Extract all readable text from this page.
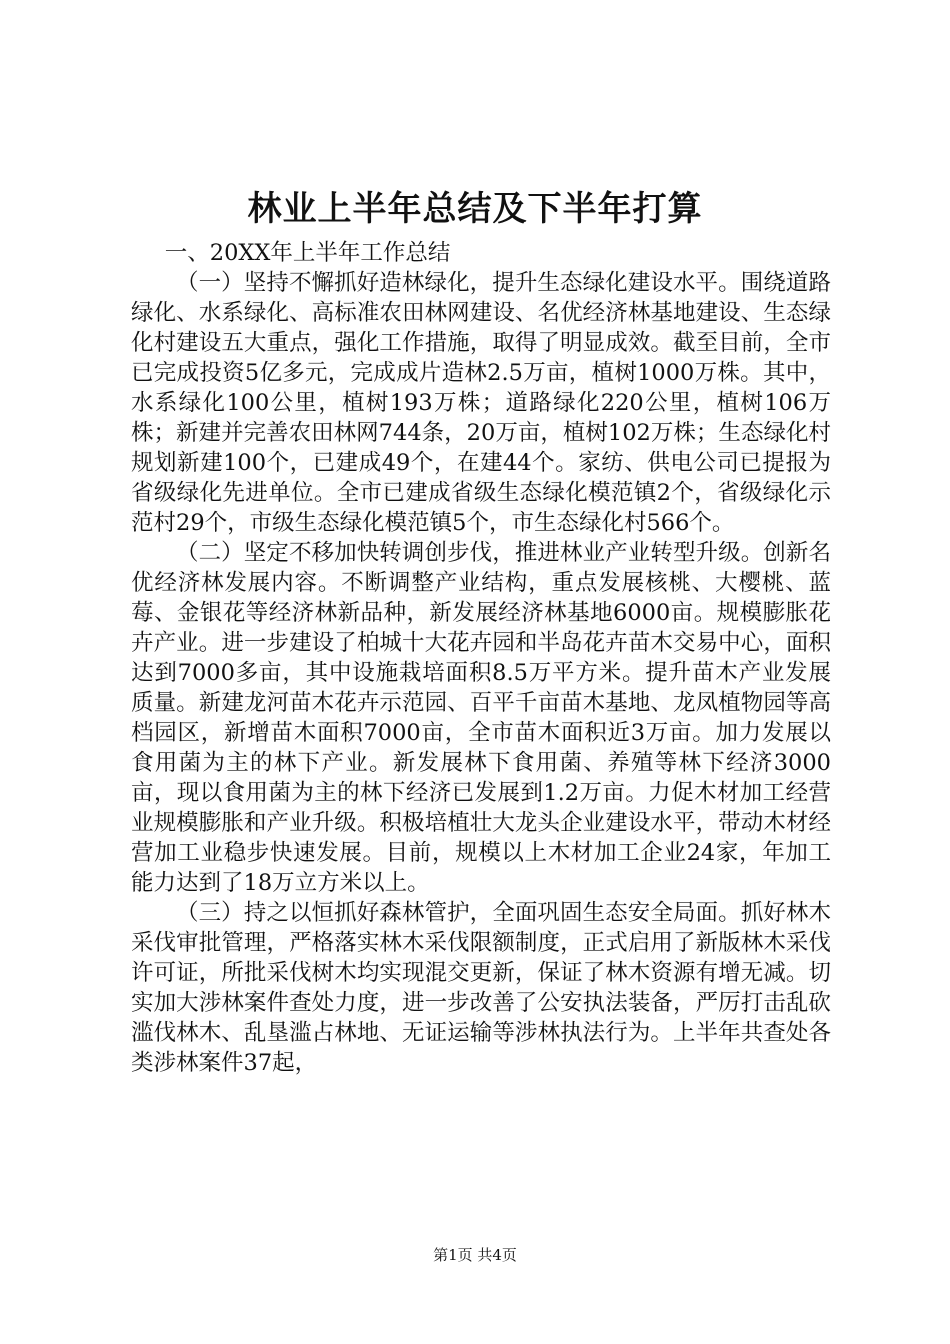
林业上半年总结及下半年打算

一、20XX年上半年工作总结

（一）坚持不懈抓好造林绿化，提升生态绿化建设水平。围绕道路绿化、水系绿化、高标准农田林网建设、名优经济林基地建设、生态绿化村建设五大重点，强化工作措施，取得了明显成效。截至目前，全市已完成投资5亿多元，完成成片造林2.5万亩，植树1000万株。其中，水系绿化100公里，植树193万株；道路绿化220公里，植树106万株；新建并完善农田林网744条，20万亩，植树102万株；生态绿化村规划新建100个，已建成49个，在建44个。家纺、供电公司已提报为省级绿化先进单位。全市已建成省级生态绿化模范镇2个，省级绿化示范村29个，市级生态绿化模范镇5个，市生态绿化村566个。

（二）坚定不移加快转调创步伐，推进林业产业转型升级。创新名优经济林发展内容。不断调整产业结构，重点发展核桃、大樱桃、蓝莓、金银花等经济林新品种，新发展经济林基地6000亩。规模膨胀花卉产业。进一步建设了柏城十大花卉园和半岛花卉苗木交易中心，面积达到7000多亩，其中设施栽培面积8.5万平方米。提升苗木产业发展质量。新建龙河苗木花卉示范园、百平千亩苗木基地、龙凤植物园等高档园区，新增苗木面积7000亩，全市苗木面积近3万亩。加力发展以食用菌为主的林下产业。新发展林下食用菌、养殖等林下经济3000亩，现以食用菌为主的林下经济已发展到1.2万亩。力促木材加工经营业规模膨胀和产业升级。积极培植壮大龙头企业建设水平，带动木材经营加工业稳步快速发展。目前，规模以上木材加工企业24家，年加工能力达到了18万立方米以上。

（三）持之以恒抓好森林管护，全面巩固生态安全局面。抓好林木采伐审批管理，严格落实林木采伐限额制度，正式启用了新版林木采伐许可证，所批采伐树木均实现混交更新，保证了林木资源有增无减。切实加大涉林案件查处力度，进一步改善了公安执法装备，严厉打击乱砍滥伐林木、乱垦滥占林地、无证运输等涉林执法行为。上半年共查处各类涉林案件37起，

第1页 共4页
